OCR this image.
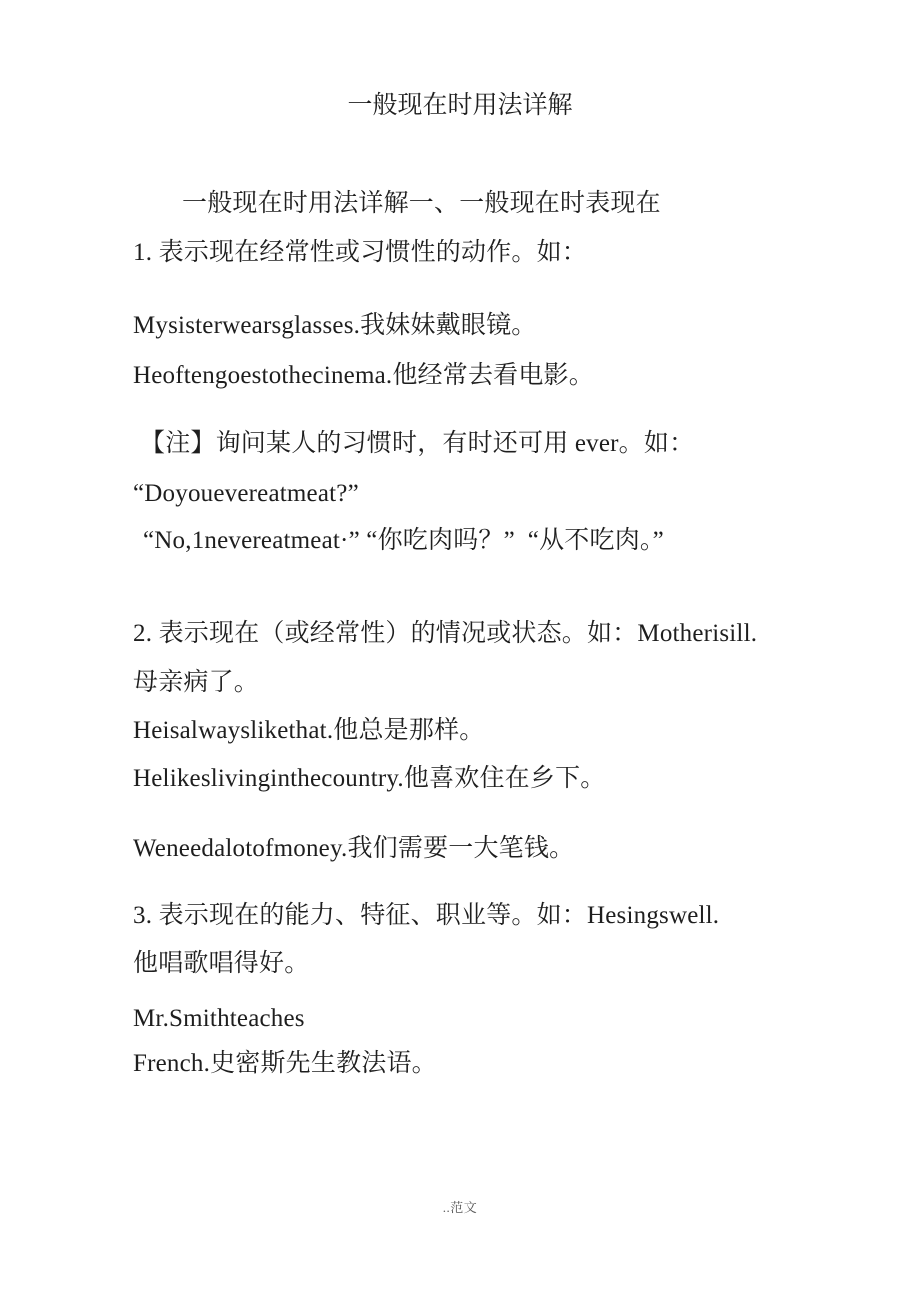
一般现在时用法详解
一般现在时用法详解一、一般现在时表现在
1. 表示现在经常性或习惯性的动作。如：
Mysisterwearsglasses.我妹妹戴眼镜。
Heoftengoestothecinema.他经常去看电影。
【注】询问某人的习惯时，有时还可用 ever。如：
“Doyouevereatmeat?”
“No,1nevereatmeat·” “你吃肉吗？”  “从不吃肉。”
2. 表示现在（或经常性）的情况或状态。如：Motherisill.
母亲病了。
Heisalwayslikethat.他总是那样。
Helikeslivinginthecountry.他喜欢住在乡下。
Weneedalotofmoney.我们需要一大笔钱。
3. 表示现在的能力、特征、职业等。如：Hesingswell.
他唱歌唱得好。
Mr.Smithteaches
French.史密斯先生教法语。
..范文
